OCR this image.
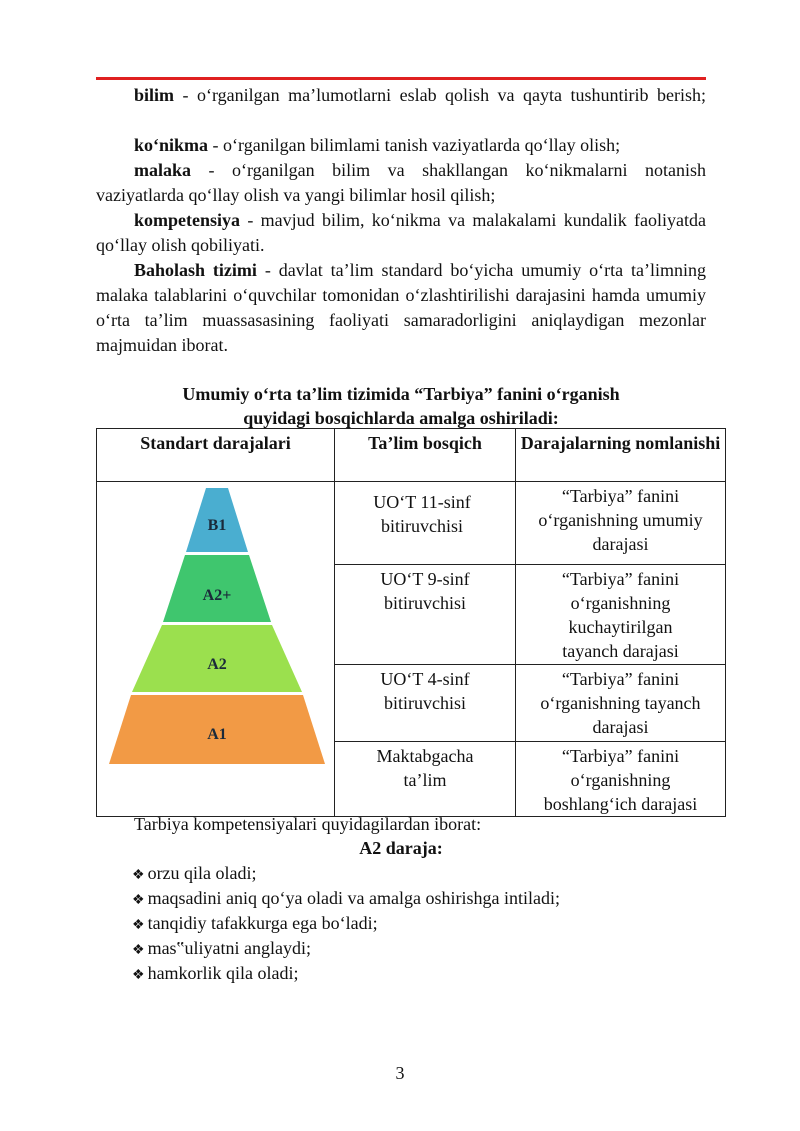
bilim - o‘rganilgan ma’lumotlarni eslab qolish va qayta tushuntirib berish;
ko‘nikma - o‘rganilgan bilimlami tanish vaziyatlarda qo‘llay olish;
malaka - o‘rganilgan bilim va shakllangan ko‘nikmalarni notanish vaziyatlarda qo‘llay olish va yangi bilimlar hosil qilish;
kompetensiya - mavjud bilim, ko‘nikma va malakalami kundalik faoliyatda qo‘llay olish qobiliyati.
Baholash tizimi - davlat ta’lim standard bo‘yicha umumiy o‘rta ta’limning malaka talablarini o‘quvchilar tomonidan o‘zlashtirilishi darajasini hamda umumiy o‘rta ta’lim muassasasining faoliyati samaradorligini aniqlaydigan mezonlar majmuidan iborat.
Umumiy o‘rta ta’lim tizimida “Tarbiya” fanini o‘rganish
quyidagi bosqichlarda amalga oshiriladi:
Standart darajalari	Ta’lim bosqich	Darajalarning nomlanishi

B1
A2+
A2
A1	UO‘T 11-sinf bitiruvchisi	“Tarbiya” fanini o‘rganishning umumiy darajasi

	UO‘T 9-sinf bitiruvchisi	“Tarbiya” fanini o‘rganishning kuchaytirilgan tayanch darajasi

	UO‘T 4-sinf bitiruvchisi	“Tarbiya” fanini o‘rganishning tayanch darajasi

	Maktabgacha ta’lim	“Tarbiya” fanini o‘rganishning boshlang‘ich darajasi
Tarbiya kompetensiyalari quyidagilardan iborat:
A2 daraja:
❖ orzu qila oladi;
❖ maqsadini aniq qo‘ya oladi va amalga oshirishga intiladi;
❖ tanqidiy tafakkurga ega bo‘ladi;
❖ mas‟uliyatni anglaydi;
❖ hamkorlik qila oladi;
3
